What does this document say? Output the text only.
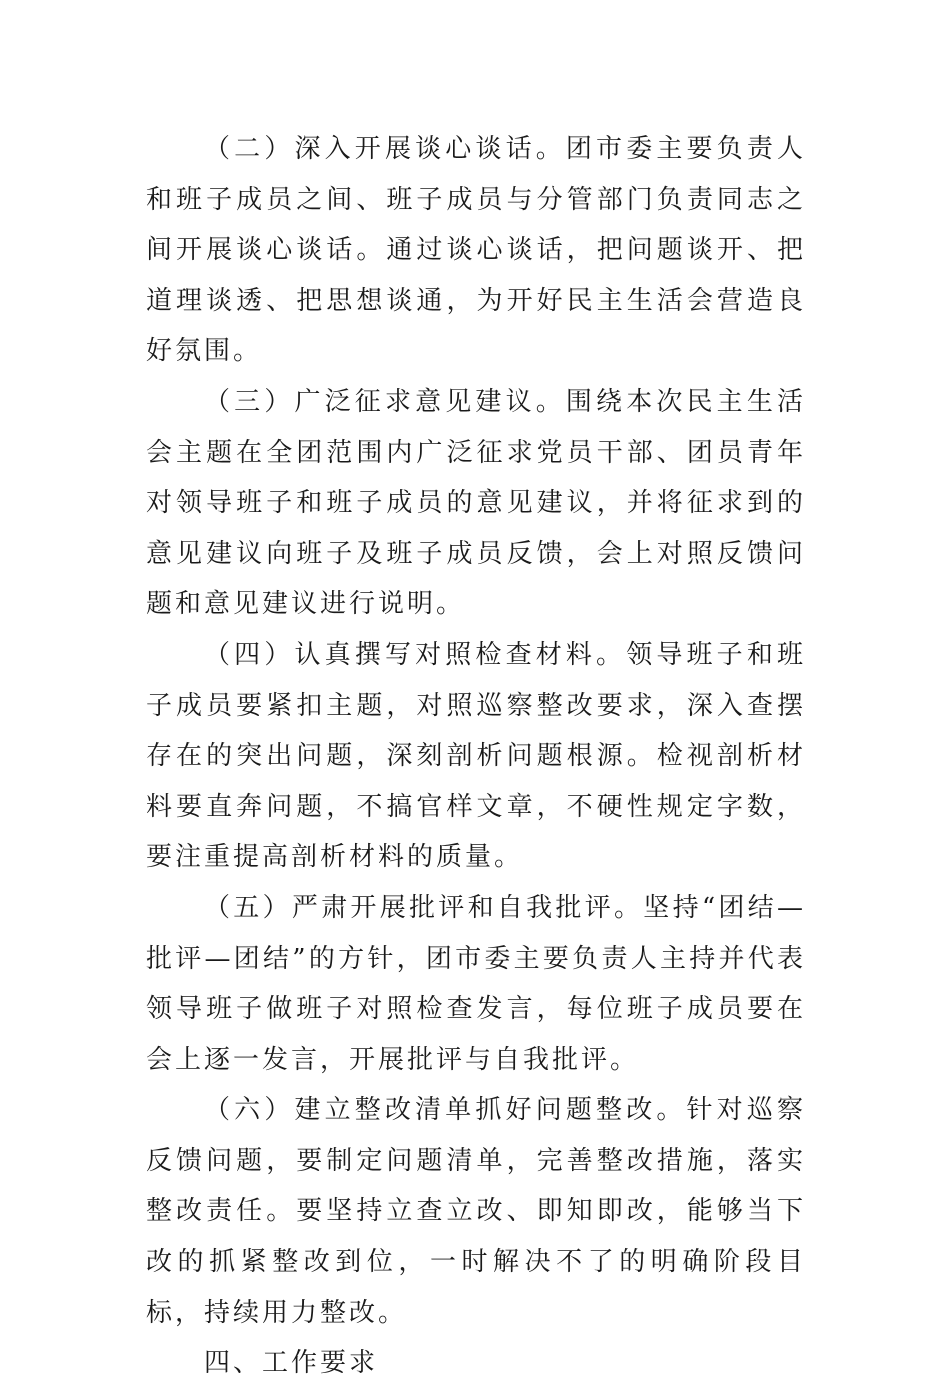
（二）深入开展谈心谈话。团市委主要负责人和班子成员之间、班子成员与分管部门负责同志之间开展谈心谈话。通过谈心谈话，把问题谈开、把道理谈透、把思想谈通，为开好民主生活会营造良好氛围。

（三）广泛征求意见建议。围绕本次民主生活会主题在全团范围内广泛征求党员干部、团员青年对领导班子和班子成员的意见建议，并将征求到的意见建议向班子及班子成员反馈，会上对照反馈问题和意见建议进行说明。

（四）认真撰写对照检查材料。领导班子和班子成员要紧扣主题，对照巡察整改要求，深入查摆存在的突出问题，深刻剖析问题根源。检视剖析材料要直奔问题，不搞官样文章，不硬性规定字数，要注重提高剖析材料的质量。

（五）严肃开展批评和自我批评。坚持“团结—批评—团结”的方针，团市委主要负责人主持并代表领导班子做班子对照检查发言，每位班子成员要在会上逐一发言，开展批评与自我批评。

（六）建立整改清单抓好问题整改。针对巡察反馈问题，要制定问题清单，完善整改措施，落实整改责任。要坚持立查立改、即知即改，能够当下改的抓紧整改到位，一时解决不了的明确阶段目标，持续用力整改。

四、工作要求
